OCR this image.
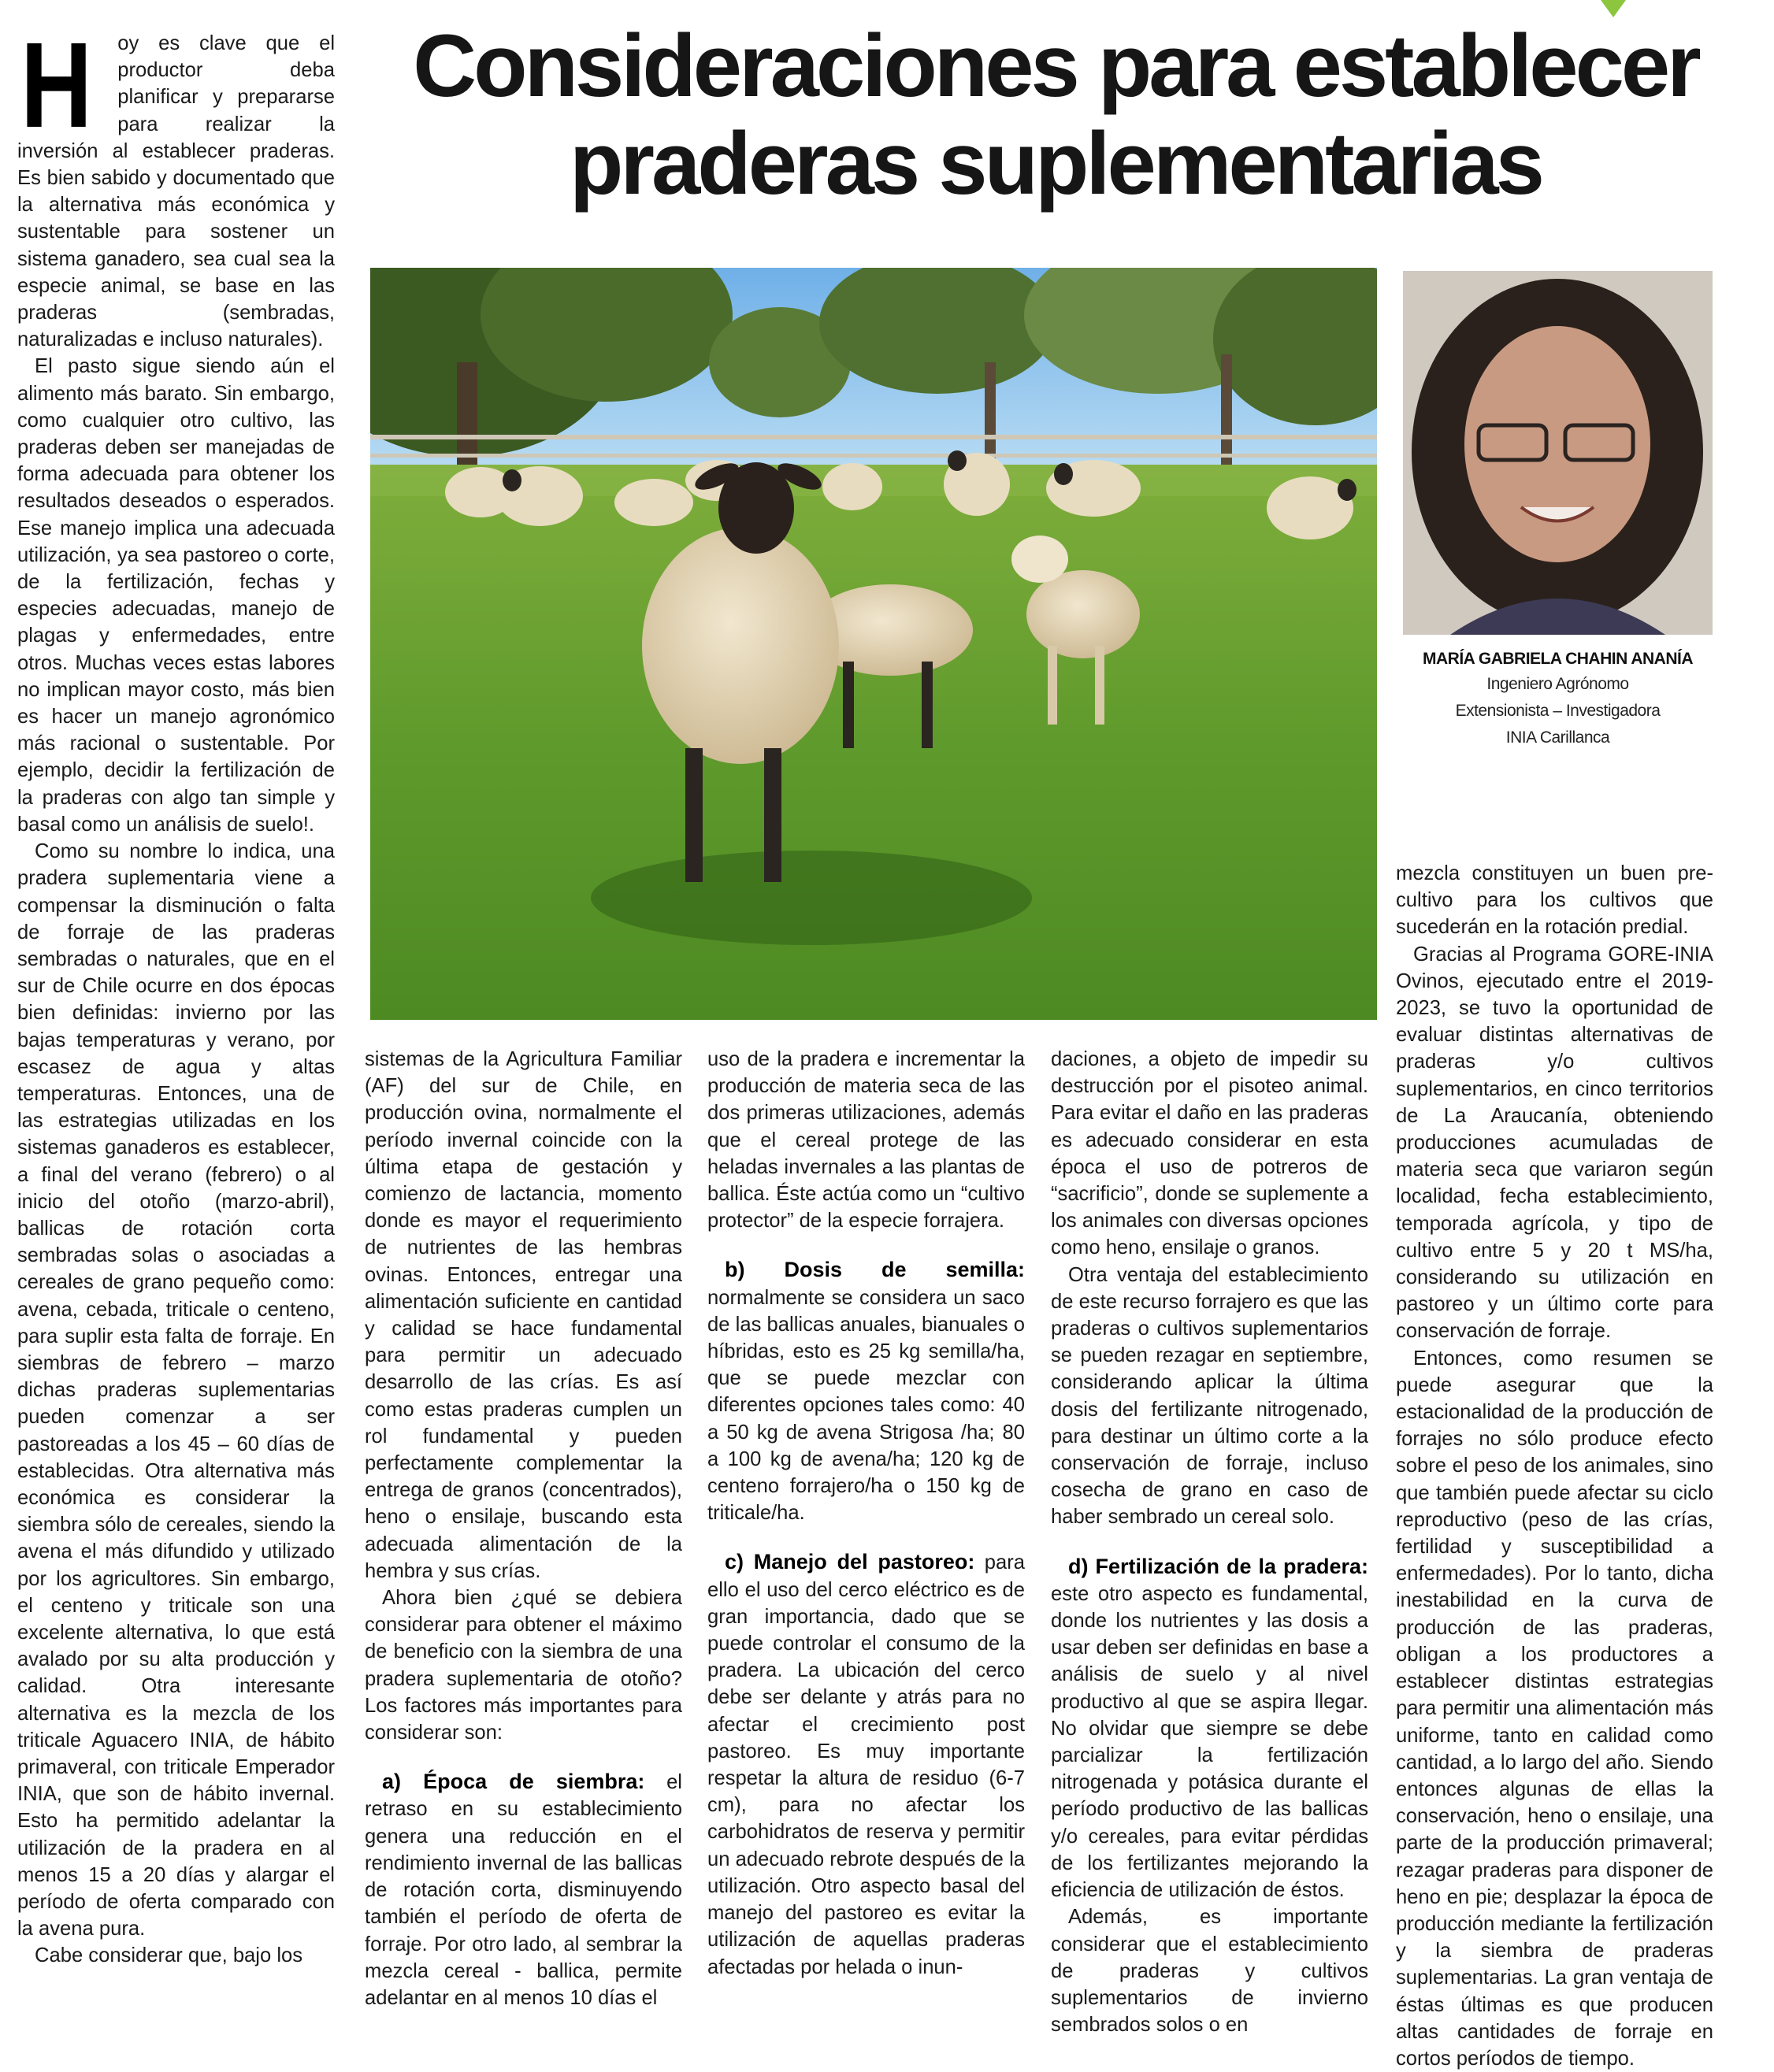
Consideraciones para establecer
praderas suplementarias
MARÍA GABRIELA CHAHIN ANANÍA
Ingeniero Agrónomo
Extensionista – Investigadora
INIA Carillanca

H oy es clave que el productor deba planificar y prepararse para realizar la inversión al establecer praderas. Es bien sabido y documentado que la alternativa más económica y sustentable para sostener un sistema ganadero, sea cual sea la especie animal, se base en las praderas (sembradas, naturalizadas e incluso naturales).

El pasto sigue siendo aún el alimento más barato. Sin embargo, como cualquier otro cultivo, las praderas deben ser manejadas de forma adecuada para obtener los resultados deseados o esperados. Ese manejo implica una adecuada utilización, ya sea pastoreo o corte, de la fertilización, fechas y especies adecuadas, manejo de plagas y enfermedades, entre otros. Muchas veces estas labores no implican mayor costo, más bien es hacer un manejo agronómico más racional o sustentable. Por ejemplo, decidir la fertilización de la praderas con algo tan simple y basal como un análisis de suelo!.

Como su nombre lo indica, una pradera suplementaria viene a compensar la disminución o falta de forraje de las praderas sembradas o naturales, que en el sur de Chile ocurre en dos épocas bien definidas: invierno por las bajas temperaturas y verano, por escasez de agua y altas temperaturas. Entonces, una de las estrategias utilizadas en los sistemas ganaderos es establecer, a final del verano (febrero) o al inicio del otoño (marzo-abril), ballicas de rotación corta sembradas solas o asociadas a cereales de grano pequeño como: avena, cebada, triticale o centeno, para suplir esta falta de forraje. En siembras de febrero – marzo dichas praderas suplementarias pueden comenzar a ser pastoreadas a los 45 – 60 días de establecidas. Otra alternativa más económica es considerar la siembra sólo de cereales, siendo la avena el más difundido y utilizado por los agricultores. Sin embargo, el centeno y triticale son una excelente alternativa, lo que está avalado por su alta producción y calidad. Otra interesante alternativa es la mezcla de los triticale Aguacero INIA, de hábito primaveral, con triticale Emperador INIA, que son de hábito invernal. Esto ha permitido adelantar la utilización de la pradera en al menos 15 a 20 días y alargar el período de oferta comparado con la avena pura.

Cabe considerar que, bajo los

sistemas de la Agricultura Familiar (AF) del sur de Chile, en producción ovina, normalmente el período invernal coincide con la última etapa de gestación y comienzo de lactancia, momento donde es mayor el requerimiento de nutrientes de las hembras ovinas. Entonces, entregar una alimentación suficiente en cantidad y calidad se hace fundamental para permitir un adecuado desarrollo de las crías. Es así como estas praderas cumplen un rol fundamental y pueden perfectamente complementar la entrega de granos (concentrados), heno o ensilaje, buscando esta adecuada alimentación de la hembra y sus crías.

Ahora bien ¿qué se debiera considerar para obtener el máximo de beneficio con la siembra de una pradera suplementaria de otoño? Los factores más importantes para considerar son:

a) Época de siembra: el retraso en su establecimiento genera una reducción en el rendimiento invernal de las ballicas de rotación corta, disminuyendo también el período de oferta de forraje. Por otro lado, al sembrar la mezcla cereal - ballica, permite adelantar en al menos 10 días el

uso de la pradera e incrementar la producción de materia seca de las dos primeras utilizaciones, además que el cereal protege de las heladas invernales a las plantas de ballica. Éste actúa como un “cultivo protector” de la especie forrajera.

b) Dosis de semilla: normalmente se considera un saco de las ballicas anuales, bianuales o híbridas, esto es 25 kg semilla/ha, que se puede mezclar con diferentes opciones tales como: 40 a 50 kg de avena Strigosa /ha; 80 a 100 kg de avena/ha; 120 kg de centeno forrajero/ha o 150 kg de triticale/ha.

c) Manejo del pastoreo: para ello el uso del cerco eléctrico es de gran importancia, dado que se puede controlar el consumo de la pradera. La ubicación del cerco debe ser delante y atrás para no afectar el crecimiento post pastoreo. Es muy importante respetar la altura de residuo (6-7 cm), para no afectar los carbohidratos de reserva y permitir un adecuado rebrote después de la utilización. Otro aspecto basal del manejo del pastoreo es evitar la utilización de aquellas praderas afectadas por helada o inun-

daciones, a objeto de impedir su destrucción por el pisoteo animal. Para evitar el daño en las praderas es adecuado considerar en esta época el uso de potreros de “sacrificio”, donde se suplemente a los animales con diversas opciones como heno, ensilaje o granos.

Otra ventaja del establecimiento de este recurso forrajero es que las praderas o cultivos suplementarios se pueden rezagar en septiembre, considerando aplicar la última dosis del fertilizante nitrogenado, para destinar un último corte a la conservación de forraje, incluso cosecha de grano en caso de haber sembrado un cereal solo.

d) Fertilización de la pradera: este otro aspecto es fundamental, donde los nutrientes y las dosis a usar deben ser definidas en base a análisis de suelo y al nivel productivo al que se aspira llegar. No olvidar que siempre se debe parcializar la fertilización nitrogenada y potásica durante el período productivo de las ballicas y/o cereales, para evitar pérdidas de los fertilizantes mejorando la eficiencia de utilización de éstos.

Además, es importante considerar que el establecimiento de praderas y cultivos suplementarios de invierno sembrados solos o en

mezcla constituyen un buen pre-cultivo para los cultivos que sucederán en la rotación predial.

Gracias al Programa GORE-INIA Ovinos, ejecutado entre el 2019-2023, se tuvo la oportunidad de evaluar distintas alternativas de praderas y/o cultivos suplementarios, en cinco territorios de La Araucanía, obteniendo producciones acumuladas de materia seca que variaron según localidad, fecha establecimiento, temporada agrícola, y tipo de cultivo entre 5 y 20 t MS/ha, considerando su utilización en pastoreo y un último corte para conservación de forraje.

Entonces, como resumen se puede asegurar que la estacionalidad de la producción de forrajes no sólo produce efecto sobre el peso de los animales, sino que también puede afectar su ciclo reproductivo (peso de las crías, fertilidad y susceptibilidad a enfermedades). Por lo tanto, dicha inestabilidad en la curva de producción de las praderas, obligan a los productores a establecer distintas estrategias para permitir una alimentación más uniforme, tanto en calidad como cantidad, a lo largo del año. Siendo entonces algunas de ellas la conservación, heno o ensilaje, una parte de la producción primaveral; rezagar praderas para disponer de heno en pie; desplazar la época de producción mediante la fertilización y la siembra de praderas suplementarias. La gran ventaja de éstas últimas es que producen altas cantidades de forraje en cortos períodos de tiempo.
